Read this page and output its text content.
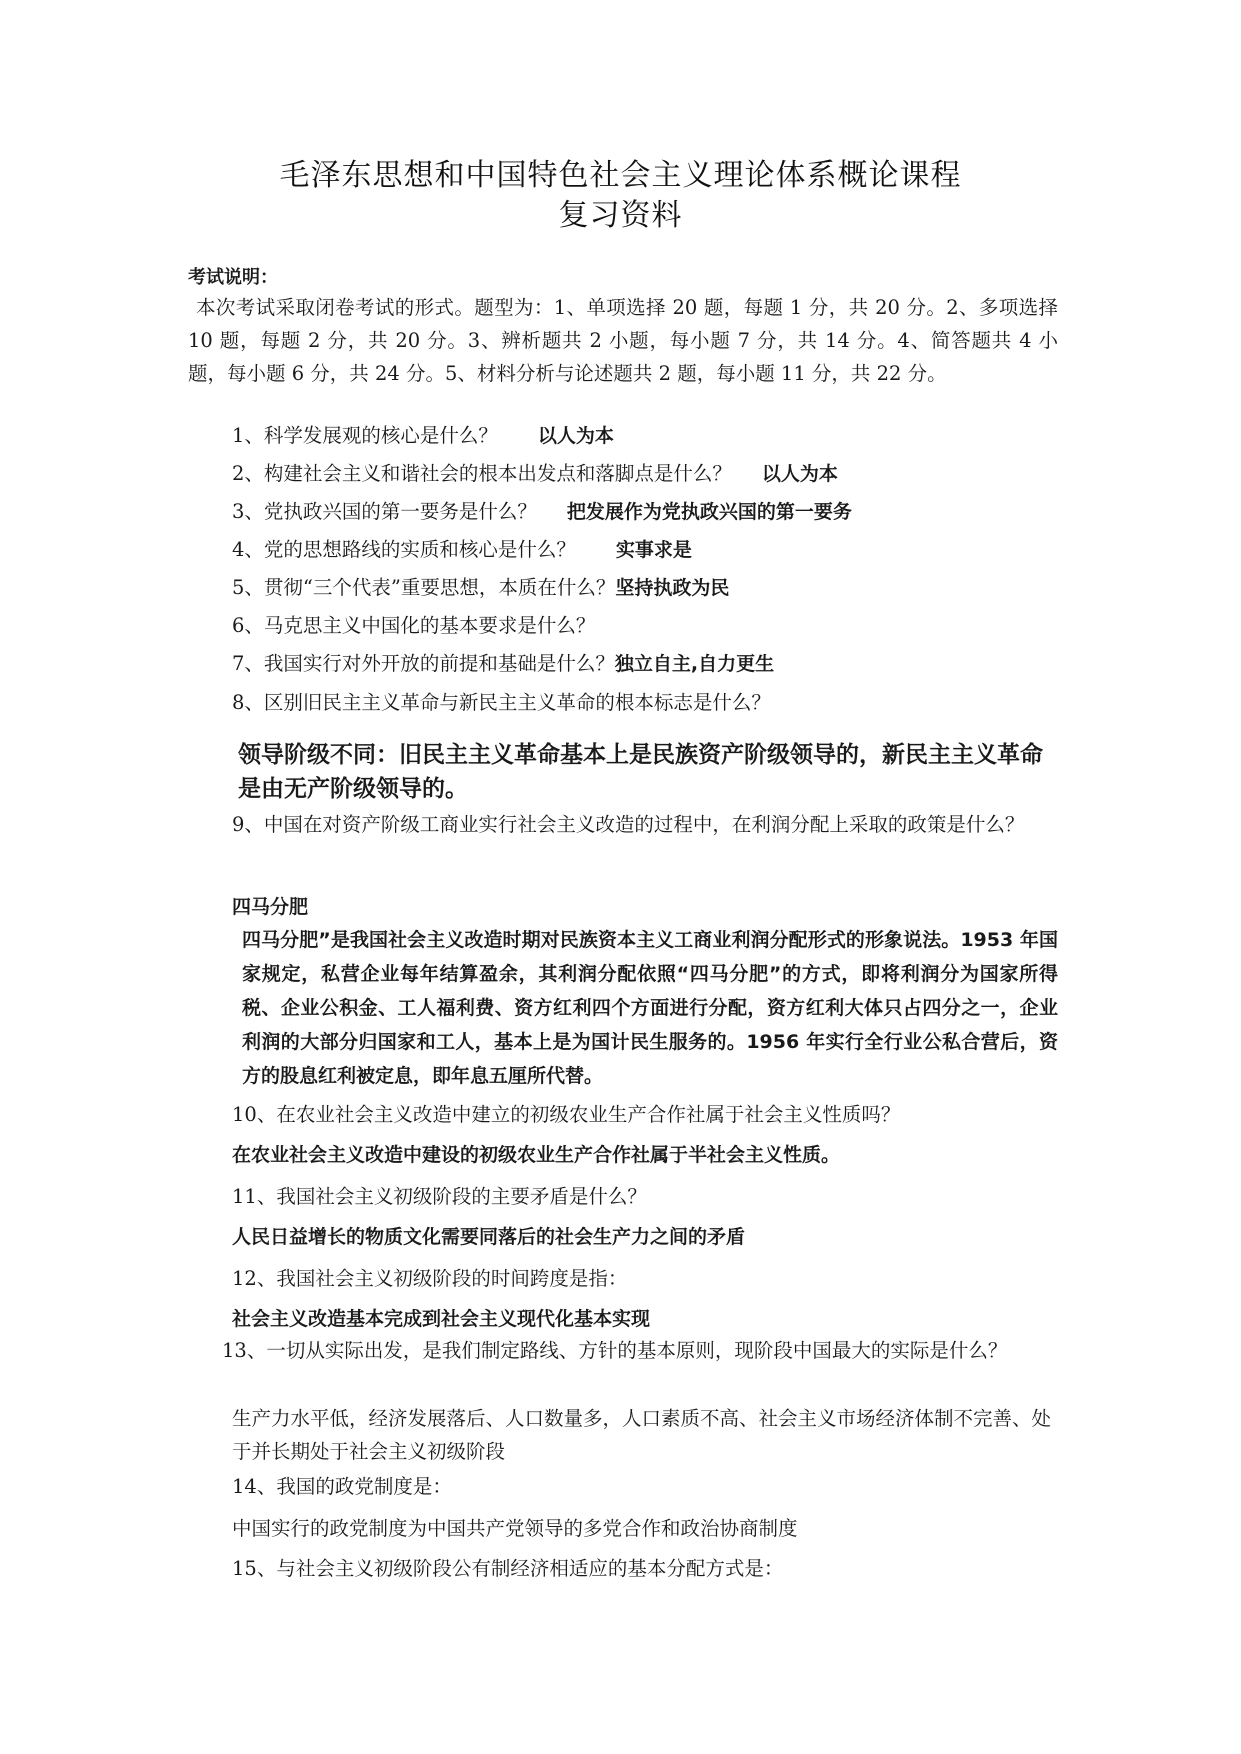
毛泽东思想和中国特色社会主义理论体系概论课程
复习资料
考试说明：
本次考试采取闭卷考试的形式。题型为：1、单项选择 20 题，每题 1 分，共 20 分。2、多项选择 10 题，每题 2 分，共 20 分。3、辨析题共 2 小题，每小题 7 分，共 14 分。4、简答题共 4 小题，每小题 6 分，共 24 分。5、材料分析与论述题共 2 题，每小题 11 分，共 22 分。
1、科学发展观的核心是什么？ 以人为本
2、构建社会主义和谐社会的根本出发点和落脚点是什么？ 以人为本
3、党执政兴国的第一要务是什么？ 把发展作为党执政兴国的第一要务
4、党的思想路线的实质和核心是什么？ 实事求是
5、贯彻“三个代表”重要思想，本质在什么？坚持执政为民
6、马克思主义中国化的基本要求是什么？
7、我国实行对外开放的前提和基础是什么？独立自主,自力更生
8、区别旧民主主义革命与新民主主义革命的根本标志是什么？
领导阶级不同：旧民主主义革命基本上是民族资产阶级领导的，新民主主义革命是由无产阶级领导的。
9、中国在对资产阶级工商业实行社会主义改造的过程中，在利润分配上采取的政策是什么？
四马分肥
四马分肥”是我国社会主义改造时期对民族资本主义工商业利润分配形式的形象说法。1953 年国家规定，私营企业每年结算盈余，其利润分配依照“四马分肥”的方式，即将利润分为国家所得税、企业公积金、工人福利费、资方红利四个方面进行分配，资方红利大体只占四分之一，企业利润的大部分归国家和工人，基本上是为国计民生服务的。1956 年实行全行业公私合营后，资方的股息红利被定息，即年息五厘所代替。
10、在农业社会主义改造中建立的初级农业生产合作社属于社会主义性质吗？
在农业社会主义改造中建设的初级农业生产合作社属于半社会主义性质。
11、我国社会主义初级阶段的主要矛盾是什么？
人民日益增长的物质文化需要同落后的社会生产力之间的矛盾
12、我国社会主义初级阶段的时间跨度是指：
社会主义改造基本完成到社会主义现代化基本实现
13、一切从实际出发，是我们制定路线、方针的基本原则，现阶段中国最大的实际是什么？
生产力水平低，经济发展落后、人口数量多，人口素质不高、社会主义市场经济体制不完善、处于并长期处于社会主义初级阶段
14、我国的政党制度是：
中国实行的政党制度为中国共产党领导的多党合作和政治协商制度
15、与社会主义初级阶段公有制经济相适应的基本分配方式是：
